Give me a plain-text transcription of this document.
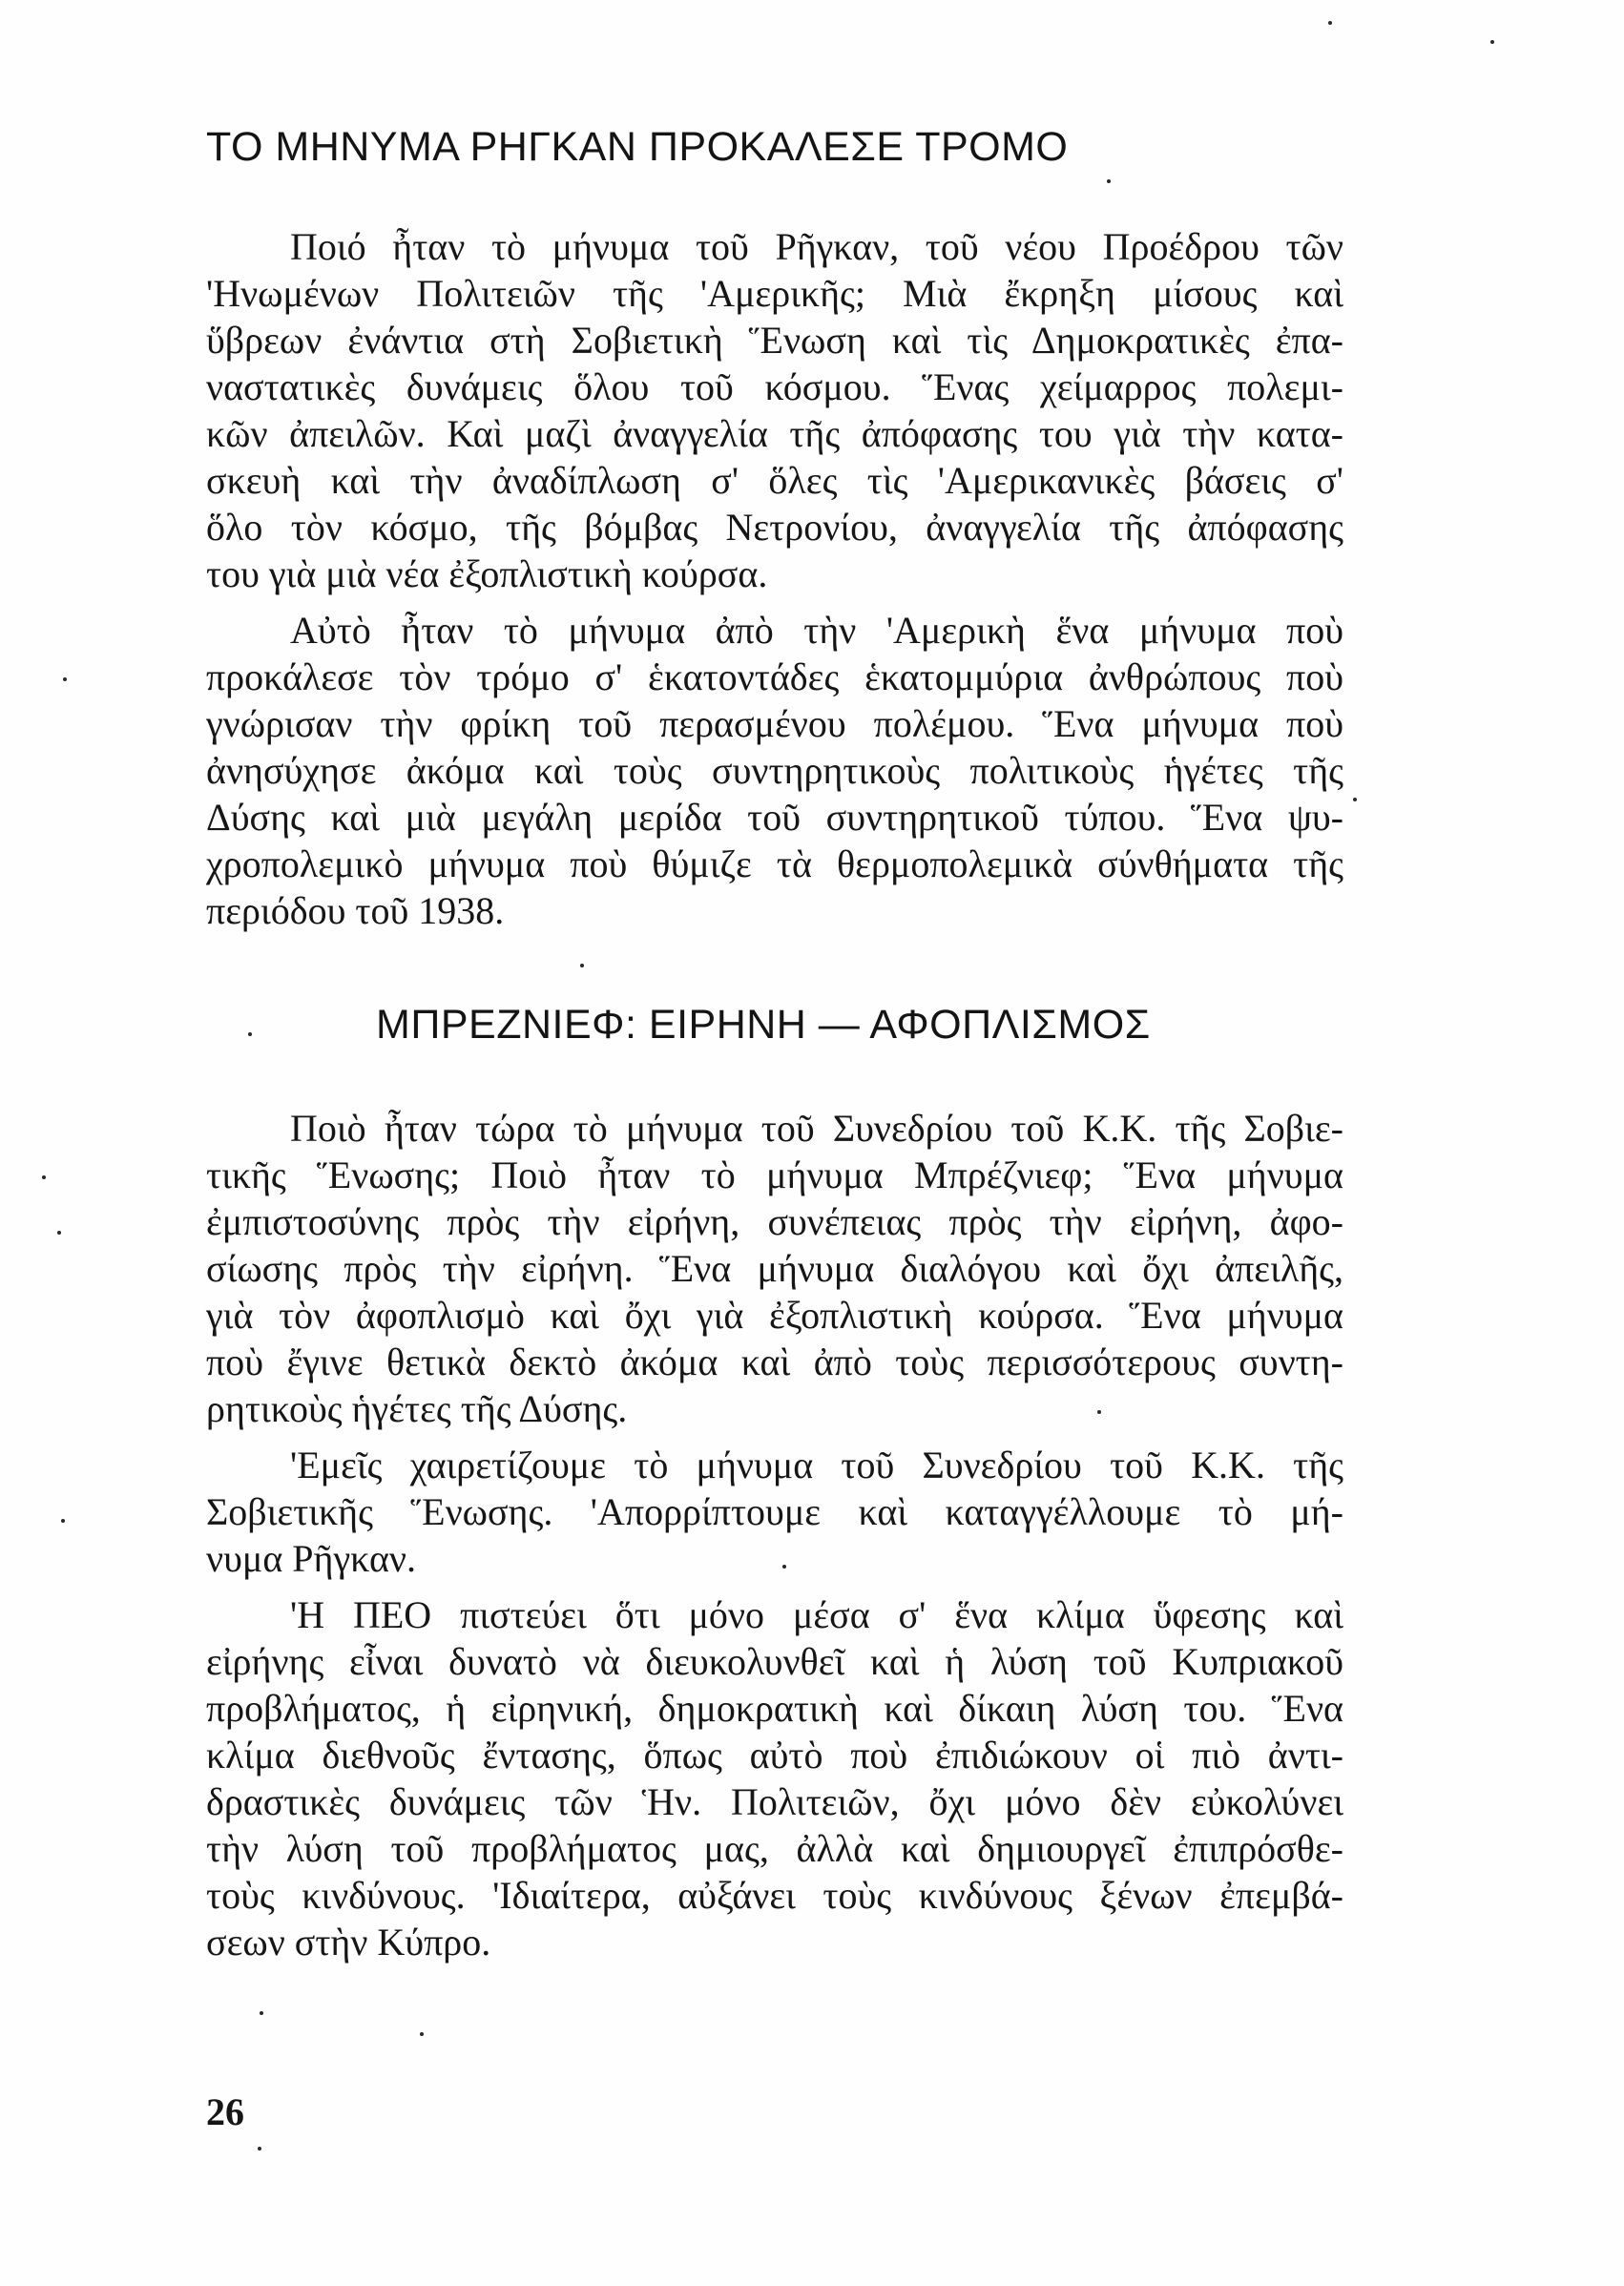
ΤΟ ΜΗΝΥΜΑ ΡΗΓΚΑΝ ΠΡΟΚΑΛΕΣΕ ΤΡΟΜΟ
Ποιό ἦταν τὸ μήνυμα τοῦ Ρῆγκαν, τοῦ νέου Προέδρου τῶν
'Ηνωμένων Πολιτειῶν τῆς 'Αμερικῆς; Μιὰ ἔκρηξη μίσους καὶ
ὕβρεων ἐνάντια στὴ Σοβιετικὴ Ἕνωση καὶ τὶς Δημοκρατικὲς ἐπα-
ναστατικὲς δυνάμεις ὅλου τοῦ κόσμου. Ἕνας χείμαρρος πολεμι-
κῶν ἀπειλῶν. Καὶ μαζὶ ἀναγγελία τῆς ἀπόφασης του γιὰ τὴν κατα-
σκευὴ καὶ τὴν ἀναδίπλωση σ' ὅλες τὶς 'Αμερικανικὲς βάσεις σ'
ὅλο τὸν κόσμο, τῆς βόμβας Νετρονίου, ἀναγγελία τῆς ἀπόφασης
του γιὰ μιὰ νέα ἐξοπλιστικὴ κούρσα.
Αὐτὸ ἦταν τὸ μήνυμα ἀπὸ τὴν 'Αμερικὴ ἕνα μήνυμα ποὺ
προκάλεσε τὸν τρόμο σ' ἑκατοντάδες ἑκατομμύρια ἀνθρώπους ποὺ
γνώρισαν τὴν φρίκη τοῦ περασμένου πολέμου. Ἕνα μήνυμα ποὺ
ἀνησύχησε ἀκόμα καὶ τοὺς συντηρητικοὺς πολιτικοὺς ἡγέτες τῆς
Δύσης καὶ μιὰ μεγάλη μερίδα τοῦ συντηρητικοῦ τύπου. Ἕνα ψυ-
χροπολεμικὸ μήνυμα ποὺ θύμιζε τὰ θερμοπολεμικὰ σύνθήματα τῆς
περιόδου τοῦ 1938.
ΜΠΡΕΖΝΙΕΦ: ΕΙΡΗΝΗ — ΑΦΟΠΛΙΣΜΟΣ
Ποιὸ ἦταν τώρα τὸ μήνυμα τοῦ Συνεδρίου τοῦ Κ.Κ. τῆς Σοβιε-
τικῆς Ἕνωσης; Ποιὸ ἦταν τὸ μήνυμα Μπρέζνιεφ; Ἕνα μήνυμα
ἐμπιστοσύνης πρὸς τὴν εἰρήνη, συνέπειας πρὸς τὴν εἰρήνη, ἀφο-
σίωσης πρὸς τὴν εἰρήνη. Ἕνα μήνυμα διαλόγου καὶ ὄχι ἀπειλῆς,
γιὰ τὸν ἀφοπλισμὸ καὶ ὄχι γιὰ ἐξοπλιστικὴ κούρσα. Ἕνα μήνυμα
ποὺ ἔγινε θετικὰ δεκτὸ ἀκόμα καὶ ἀπὸ τοὺς περισσότερους συντη-
ρητικοὺς ἡγέτες τῆς Δύσης.
'Εμεῖς χαιρετίζουμε τὸ μήνυμα τοῦ Συνεδρίου τοῦ Κ.Κ. τῆς
Σοβιετικῆς Ἕνωσης. 'Απορρίπτουμε καὶ καταγγέλλουμε τὸ μή-
νυμα Ρῆγκαν.
'Η ΠΕΟ πιστεύει ὅτι μόνο μέσα σ' ἕνα κλίμα ὕφεσης καὶ
εἰρήνης εἶναι δυνατὸ νὰ διευκολυνθεῖ καὶ ἡ λύση τοῦ Κυπριακοῦ
προβλήματος, ἡ εἰρηνική, δημοκρατικὴ καὶ δίκαιη λύση του. Ἕνα
κλίμα διεθνοῦς ἔντασης, ὅπως αὐτὸ ποὺ ἐπιδιώκουν οἱ πιὸ ἀντι-
δραστικὲς δυνάμεις τῶν Ἡν. Πολιτειῶν, ὄχι μόνο δὲν εὐκολύνει
τὴν λύση τοῦ προβλήματος μας, ἀλλὰ καὶ δημιουργεῖ ἐπιπρόσθε-
τοὺς κινδύνους. 'Ιδιαίτερα, αὐξάνει τοὺς κινδύνους ξένων ἐπεμβά-
σεων στὴν Κύπρο.
26
